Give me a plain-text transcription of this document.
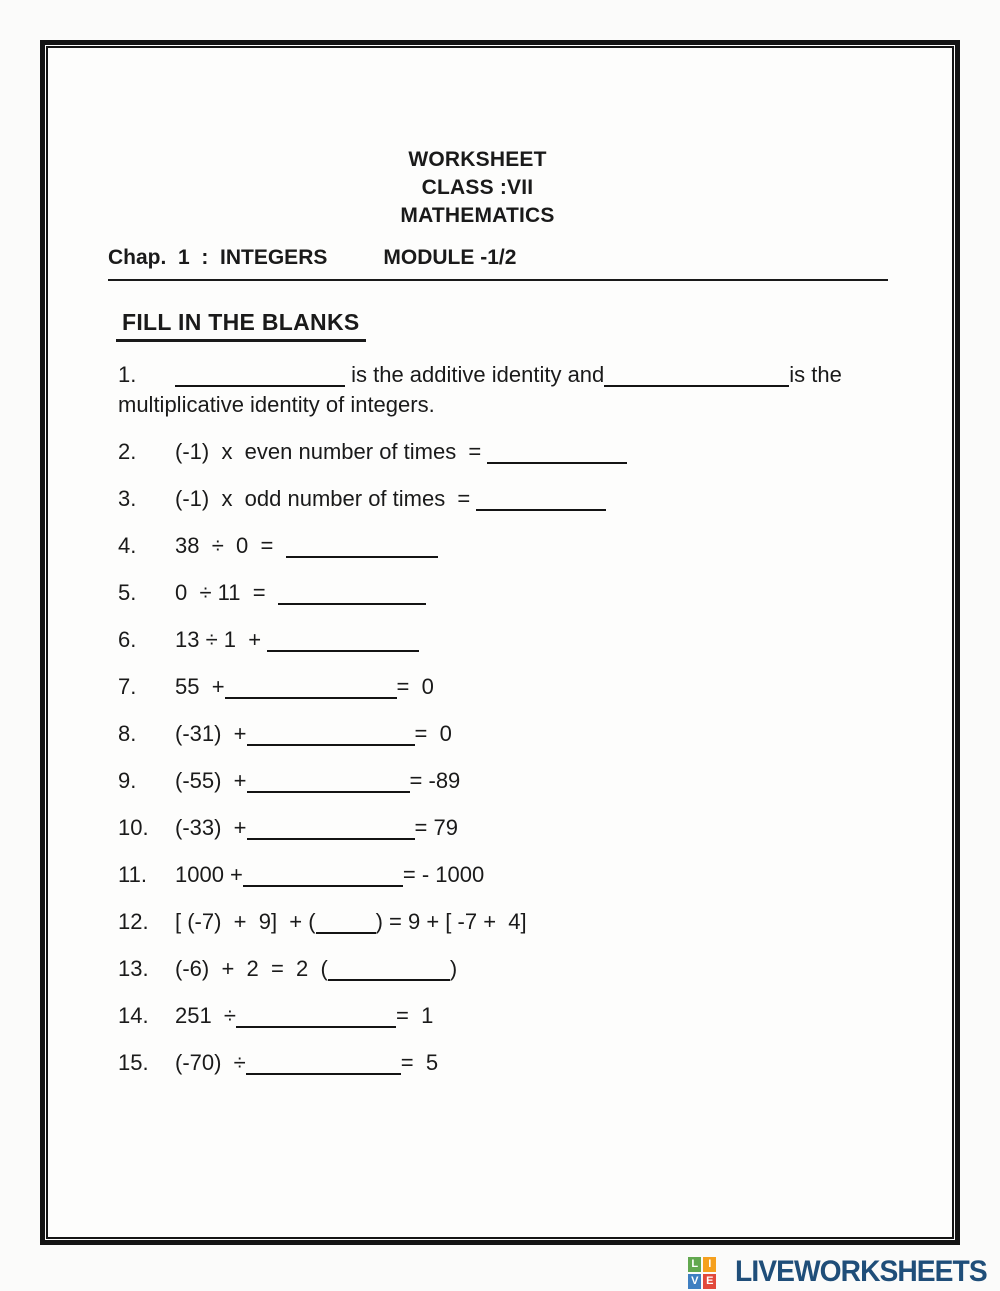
WORKSHEET
CLASS :VII
MATHEMATICS
Chap.  1  :  INTEGERS	MODULE -1/2
FILL IN THE BLANKS
1.	is the additive identity and	is the
multiplicative identity of integers.
2.	(-1)  x  even number of times  =
3.	(-1)  x  odd number of times  =
4.	38  ÷  0  =
5.	0  ÷ 11  =
6.	13 ÷ 1  +
7.	55  +	=  0
8.	(-31)  +	=  0
9.	(-55)  +	= -89
10.	(-33)  +	= 79
11.	1000 +	= - 1000
12.	[ (-7)  +  9]  + (	) = 9 + [ -7 +  4]
13.	(-6)  +  2  =  2  (	)
14.	251  ÷	=  1
15.	(-70)  ÷	=  5
L I
V E LIVEWORKSHEETS
